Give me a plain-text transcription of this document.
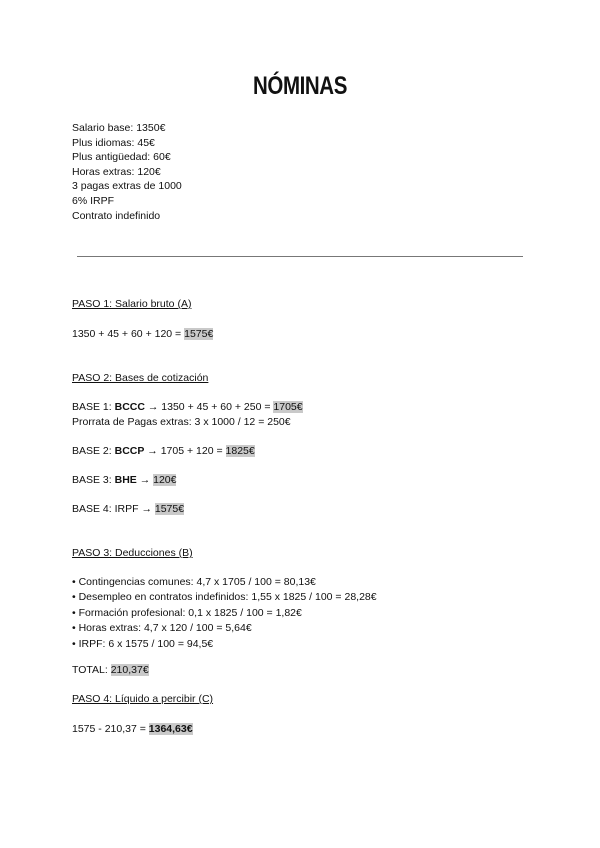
NÓMINAS
Salario base: 1350€
Plus idiomas: 45€
Plus antigüedad: 60€
Horas extras: 120€
3 pagas extras de 1000
6% IRPF
Contrato indefinido
PASO 1: Salario bruto (A)
1350 + 45 + 60 + 120 = 1575€
PASO 2: Bases de cotización
BASE 1: BCCC → 1350 + 45 + 60 + 250 = 1705€
Prorrata de Pagas extras: 3 x 1000 / 12 = 250€
BASE 2: BCCP → 1705 + 120 = 1825€
BASE 3: BHE → 120€
BASE 4: IRPF → 1575€
PASO 3: Deducciones (B)
• Contingencias comunes: 4,7 x 1705 / 100 = 80,13€
• Desempleo en contratos indefinidos: 1,55 x 1825 / 100 = 28,28€
• Formación profesional: 0,1 x 1825 / 100 = 1,82€
• Horas extras: 4,7 x 120 / 100 = 5,64€
• IRPF: 6 x 1575 / 100 = 94,5€
TOTAL: 210,37€
PASO 4: Líquido a percibir (C)
1575 - 210,37 = 1364,63€
